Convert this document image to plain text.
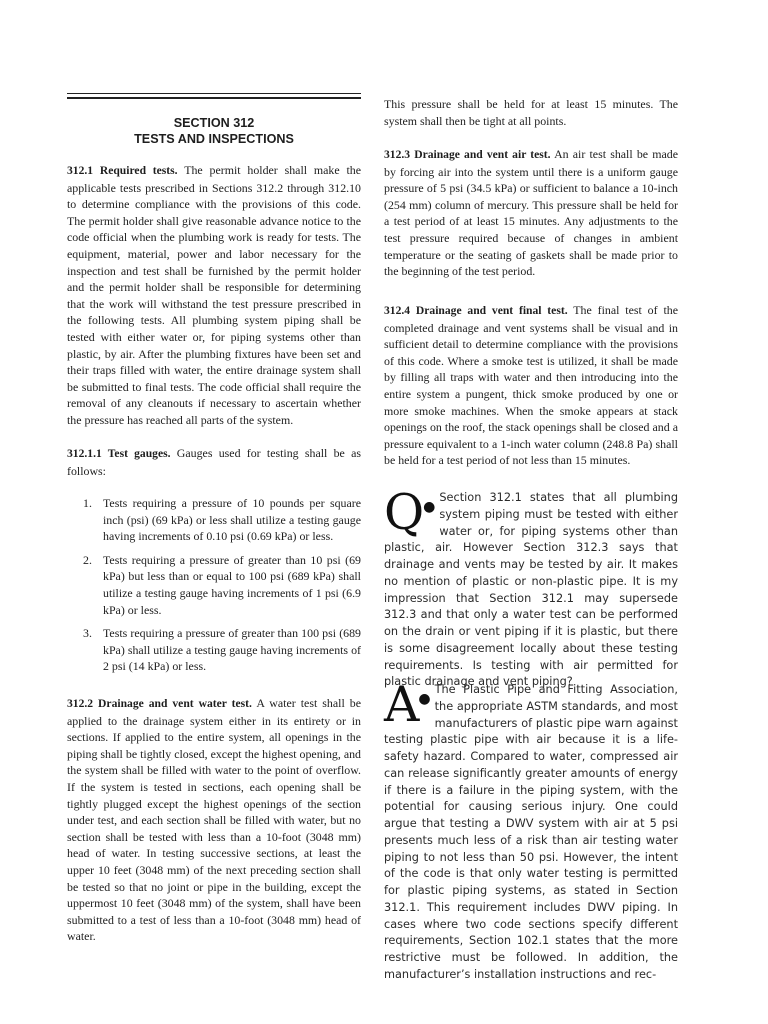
SECTION 312
TESTS AND INSPECTIONS

312.1 Required tests. The permit holder shall make the applicable tests prescribed in Sections 312.2 through 312.10 to determine compliance with the provisions of this code. The permit holder shall give reasonable advance notice to the code official when the plumbing work is ready for tests. The equipment, material, power and labor necessary for the inspection and test shall be furnished by the permit holder and the permit holder shall be responsible for determining that the work will withstand the test pressure prescribed in the following tests. All plumbing system piping shall be tested with either water or, for piping systems other than plastic, by air. After the plumbing fixtures have been set and their traps filled with water, the entire drainage system shall be submitted to final tests. The code official shall require the removal of any cleanouts if necessary to ascertain whether the pressure has reached all parts of the system.

312.1.1 Test gauges. Gauges used for testing shall be as follows:

1. Tests requiring a pressure of 10 pounds per square inch (psi) (69 kPa) or less shall utilize a testing gauge having increments of 0.10 psi (0.69 kPa) or less.
2. Tests requiring a pressure of greater than 10 psi (69 kPa) but less than or equal to 100 psi (689 kPa) shall utilize a testing gauge having increments of 1 psi (6.9 kPa) or less.
3. Tests requiring a pressure of greater than 100 psi (689 kPa) shall utilize a testing gauge having increments of 2 psi (14 kPa) or less.

312.2 Drainage and vent water test. A water test shall be applied to the drainage system either in its entirety or in sections. If applied to the entire system, all openings in the piping shall be tightly closed, except the highest opening, and the system shall be filled with water to the point of overflow. If the system is tested in sections, each opening shall be tightly plugged except the highest openings of the section under test, and each section shall be filled with water, but no section shall be tested with less than a 10-foot (3048 mm) head of water. In testing successive sections, at least the upper 10 feet (3048 mm) of the next preceding section shall be tested so that no joint or pipe in the building, except the uppermost 10 feet (3048 mm) of the system, shall have been submitted to a test of less than a 10-foot (3048 mm) head of water.

This pressure shall be held for at least 15 minutes. The system shall then be tight at all points.

312.3 Drainage and vent air test. An air test shall be made by forcing air into the system until there is a uniform gauge pressure of 5 psi (34.5 kPa) or sufficient to balance a 10-inch (254 mm) column of mercury. This pressure shall be held for a test period of at least 15 minutes. Any adjustments to the test pressure required because of changes in ambient temperature or the seating of gaskets shall be made prior to the beginning of the test period.

312.4 Drainage and vent final test. The final test of the completed drainage and vent systems shall be visual and in sufficient detail to determine compliance with the provisions of this code. Where a smoke test is utilized, it shall be made by filling all traps with water and then introducing into the entire system a pungent, thick smoke produced by one or more smoke machines. When the smoke appears at stack openings on the roof, the stack openings shall be closed and a pressure equivalent to a 1-inch water column (248.8 Pa) shall be held for a test period of not less than 15 minutes.

Q●
Section 312.1 states that all plumbing system piping must be tested with either water or, for piping systems other than plastic, air. However Section 312.3 says that drainage and vents may be tested by air. It makes no mention of plastic or non-plastic pipe. It is my impression that Section 312.1 may supersede 312.3 and that only a water test can be performed on the drain or vent piping if it is plastic, but there is some disagreement locally about these testing requirements. Is testing with air permitted for plastic drainage and vent piping?

A●
The Plastic Pipe and Fitting Association, the appropriate ASTM standards, and most manufacturers of plastic pipe warn against testing plastic pipe with air because it is a life-safety hazard. Compared to water, compressed air can release significantly greater amounts of energy if there is a failure in the piping system, with the potential for causing serious injury. One could argue that testing a DWV system with air at 5 psi presents much less of a risk than air testing water piping to not less than 50 psi. However, the intent of the code is that only water testing is permitted for plastic piping systems, as stated in Section 312.1. This requirement includes DWV piping. In cases where two code sections specify different requirements, Section 102.1 states that the more restrictive must be followed. In addition, the manufacturer’s installation instructions and rec-
